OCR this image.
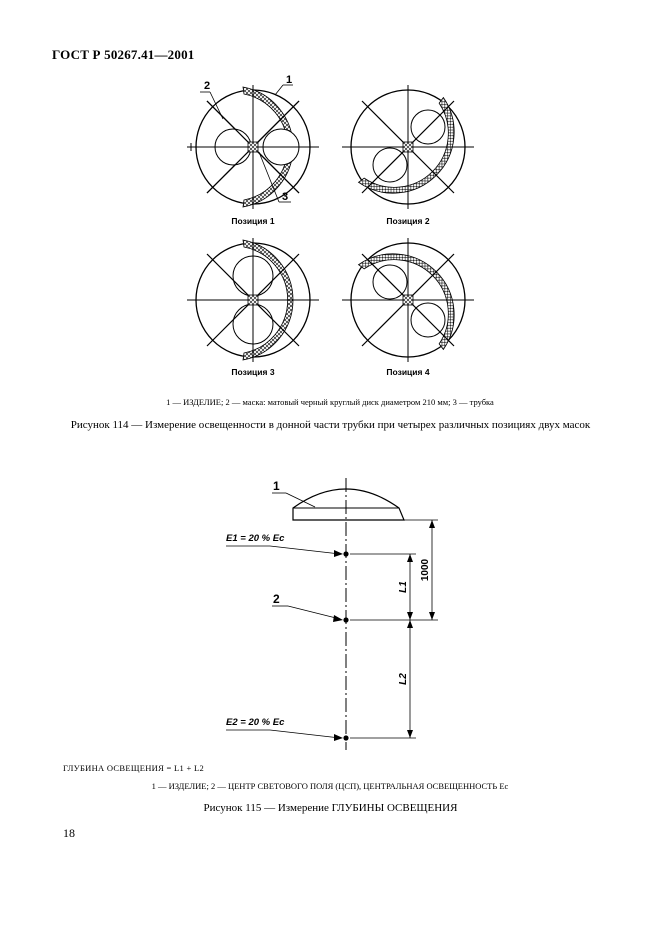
ГОСТ Р 50267.41—2001
2	1
3
Позиция 1	Позиция 2
Позиция 3	Позиция 4
1 — ИЗДЕЛИЕ; 2 — маска: матовый черный круглый диск диаметром 210 мм; 3 — трубка
Рисунок 114 — Измерение освещенности в донной части трубки при четырех различных позициях двух масок
1
1000
L1
L2
E1 = 20 % Ec
2
E2 = 20 % Ec
ГЛУБИНА ОСВЕЩЕНИЯ = L1 + L2
1 — ИЗДЕЛИЕ; 2 — ЦЕНТР СВЕТОВОГО ПОЛЯ (ЦСП), ЦЕНТРАЛЬНАЯ ОСВЕЩЕННОСТЬ Ec
Рисунок 115 — Измерение ГЛУБИНЫ ОСВЕЩЕНИЯ
18
